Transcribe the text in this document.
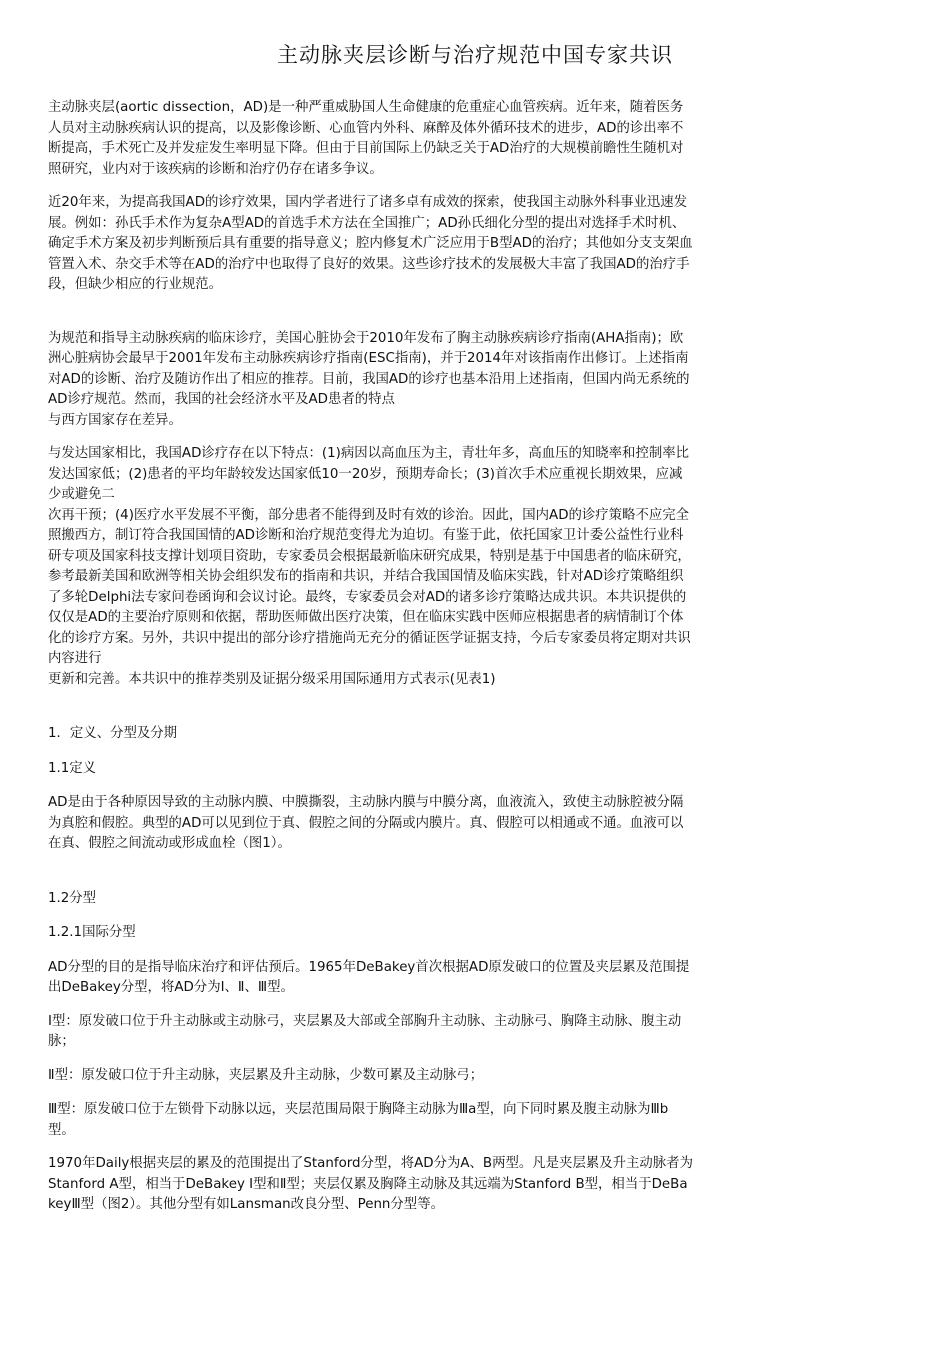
主动脉夹层诊断与治疗规范中国专家共识

主动脉夹层(aortic dissection，AD)是一种严重威胁国人生命健康的危重症心血管疾病。近年来，随着医务人员对主动脉疾病认识的提高，以及影像诊断、心血管内外科、麻醉及体外循环技术的进步，AD的诊出率不断提高，手术死亡及并发症发生率明显下降。但由于目前国际上仍缺乏关于AD治疗的大规模前瞻性生随机对照研究，业内对于该疾病的诊断和治疗仍存在诸多争议。

近20年来，为提高我国AD的诊疗效果，国内学者进行了诸多卓有成效的探索，使我国主动脉外科事业迅速发展。例如：孙氏手术作为复杂A型AD的首选手术方法在全国推广；AD孙氏细化分型的提出对选择手术时机、确定手术方案及初步判断预后具有重要的指导意义；腔内修复术广泛应用于B型AD的治疗；其他如分支支架血管置入术、杂交手术等在AD的治疗中也取得了良好的效果。这些诊疗技术的发展极大丰富了我国AD的治疗手段，但缺少相应的行业规范。

为规范和指导主动脉疾病的临床诊疗，美国心脏协会于2010年发布了胸主动脉疾病诊疗指南(AHA指南)；欧洲心脏病协会最早于2001年发布主动脉疾病诊疗指南(ESC指南)，并于2014年对该指南作出修订。上述指南对AD的诊断、治疗及随访作出了相应的推荐。目前，我国AD的诊疗也基本沿用上述指南，但国内尚无系统的AD诊疗规范。然而，我国的社会经济水平及AD患者的特点
与西方国家存在差异。

与发达国家相比，我国AD诊疗存在以下特点：(1)病因以高血压为主，青壮年多，高血压的知晓率和控制率比发达国家低；(2)患者的平均年龄较发达国家低10一20岁，预期寿命长；(3)首次手术应重视长期效果，应减少或避免二
次再干预；(4)医疗水平发展不平衡，部分患者不能得到及时有效的诊治。因此，国内AD的诊疗策略不应完全照搬西方，制订符合我国国情的AD诊断和治疗规范变得尤为迫切。有鉴于此，依托国家卫计委公益性行业科研专项及国家科技支撑计划项目资助，专家委员会根据最新临床研究成果，特别是基于中国患者的临床研究，参考最新美国和欧洲等相关协会组织发布的指南和共识，并结合我国国情及临床实践，针对AD诊疗策略组织了多轮Delphi法专家问卷函询和会议讨论。最终，专家委员会对AD的诸多诊疗策略达成共识。本共识提供的仅仅是AD的主要治疗原则和依据，帮助医师做出医疗决策，但在临床实践中医师应根据患者的病情制订个体化的诊疗方案。另外，共识中提出的部分诊疗措施尚无充分的循证医学证据支持，今后专家委员将定期对共识内容进行
更新和完善。本共识中的推荐类别及证据分级采用国际通用方式表示(见表1)

1．定义、分型及分期

1.1定义

AD是由于各种原因导致的主动脉内膜、中膜撕裂，主动脉内膜与中膜分离，血液流入，致使主动脉腔被分隔为真腔和假腔。典型的AD可以见到位于真、假腔之间的分隔或内膜片。真、假腔可以相通或不通。血液可以在真、假腔之间流动或形成血栓（图1）。

1.2分型

1.2.1国际分型

AD分型的目的是指导临床治疗和评估预后。1965年DeBakey首次根据AD原发破口的位置及夹层累及范围提出DeBakey分型，将AD分为Ⅰ、Ⅱ、Ⅲ型。

Ⅰ型：原发破口位于升主动脉或主动脉弓，夹层累及大部或全部胸升主动脉、主动脉弓、胸降主动脉、腹主动脉；

Ⅱ型：原发破口位于升主动脉，夹层累及升主动脉，少数可累及主动脉弓；

Ⅲ型：原发破口位于左锁骨下动脉以远，夹层范围局限于胸降主动脉为Ⅲa型，向下同时累及腹主动脉为Ⅲb型。

1970年Daily根据夹层的累及的范围提出了Stanford分型，将AD分为A、B两型。凡是夹层累及升主动脉者为Stanford A型，相当于DeBakey Ⅰ型和Ⅱ型；夹层仅累及胸降主动脉及其远端为Stanford B型，相当于DeBakeyⅢ型（图2）。其他分型有如Lansman改良分型、Penn分型等。
